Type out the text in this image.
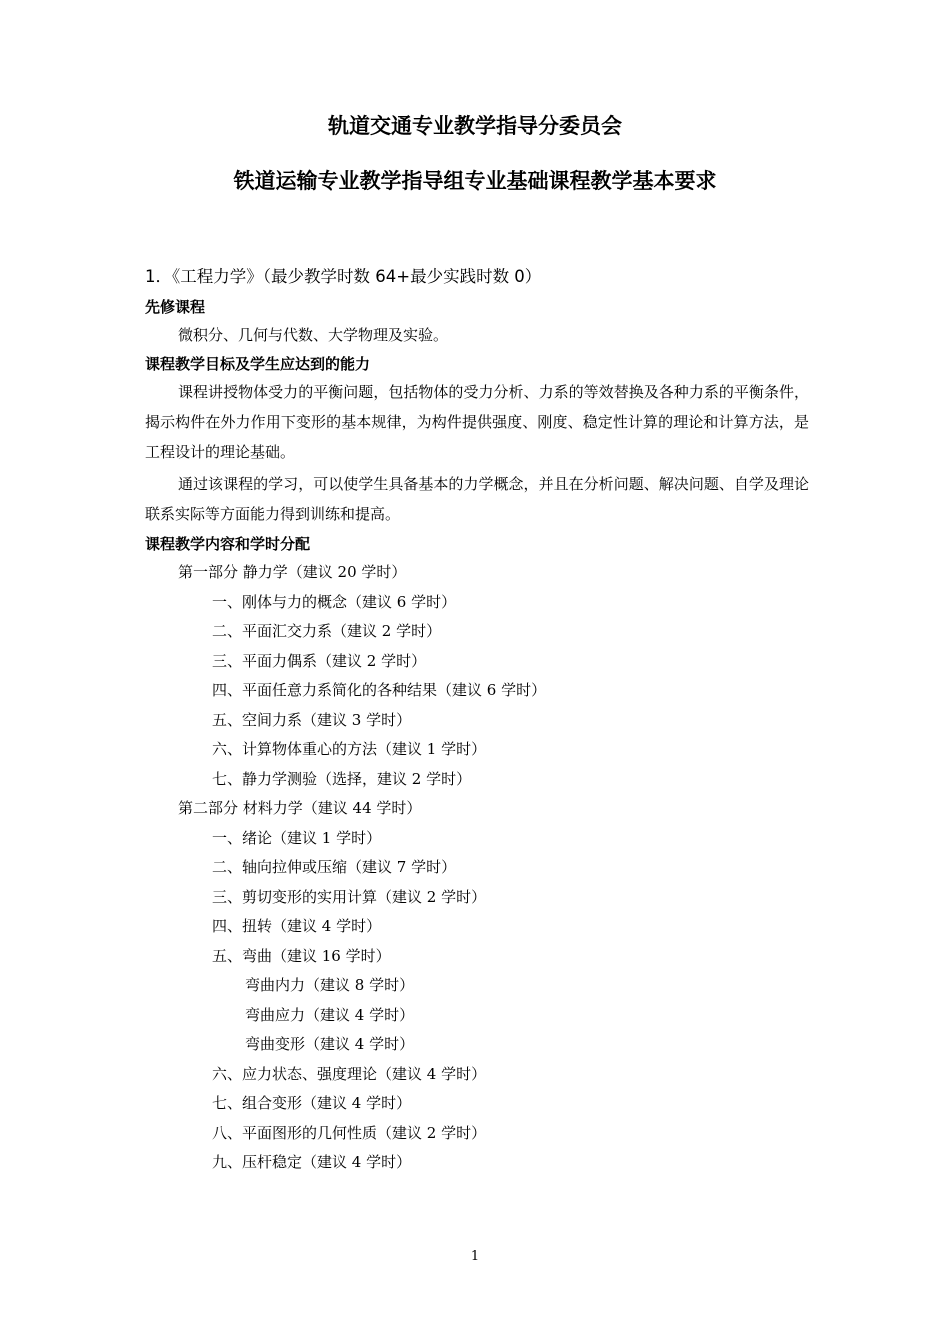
轨道交通专业教学指导分委员会
铁道运输专业教学指导组专业基础课程教学基本要求
1．《工程力学》（最少教学时数 64+最少实践时数 0）
先修课程
微积分、几何与代数、大学物理及实验。
课程教学目标及学生应达到的能力
课程讲授物体受力的平衡问题，包括物体的受力分析、力系的等效替换及各种力系的平衡条件，揭示构件在外力作用下变形的基本规律，为构件提供强度、刚度、稳定性计算的理论和计算方法，是工程设计的理论基础。
通过该课程的学习，可以使学生具备基本的力学概念，并且在分析问题、解决问题、自学及理论联系实际等方面能力得到训练和提高。
课程教学内容和学时分配
第一部分 静力学（建议 20 学时）
一、刚体与力的概念（建议 6 学时）
二、平面汇交力系（建议 2 学时）
三、平面力偶系（建议 2 学时）
四、平面任意力系简化的各种结果（建议 6 学时）
五、空间力系（建议 3 学时）
六、计算物体重心的方法（建议 1 学时）
七、静力学测验（选择，建议 2 学时）
第二部分 材料力学（建议 44 学时）
一、绪论（建议 1 学时）
二、轴向拉伸或压缩（建议 7 学时）
三、剪切变形的实用计算（建议 2 学时）
四、扭转（建议 4 学时）
五、弯曲（建议 16 学时）
弯曲内力（建议 8 学时）
弯曲应力（建议 4 学时）
弯曲变形（建议 4 学时）
六、应力状态、强度理论（建议 4 学时）
七、组合变形（建议 4 学时）
八、平面图形的几何性质（建议 2 学时）
九、压杆稳定（建议 4 学时）
1
